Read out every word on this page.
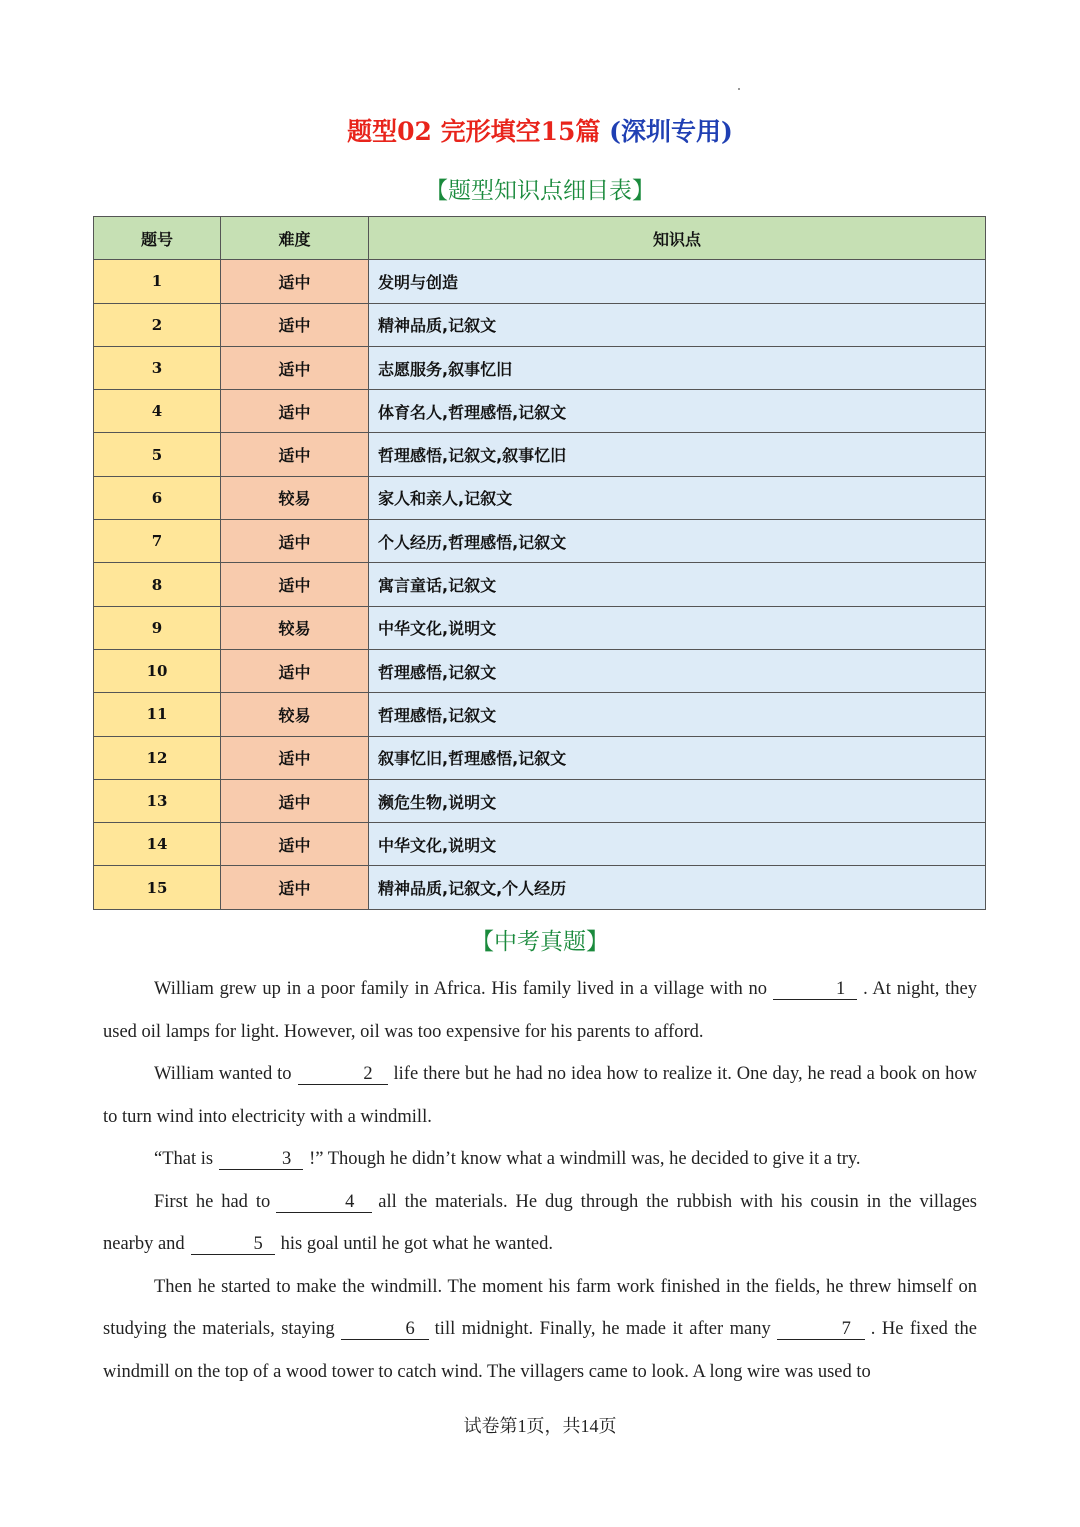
题型02 完形填空15篇 (深圳专用)
【题型知识点细目表】
题号	难度	知识点
1	适中	发明与创造
2	适中	精神品质,记叙文
3	适中	志愿服务,叙事忆旧
4	适中	体育名人,哲理感悟,记叙文
5	适中	哲理感悟,记叙文,叙事忆旧
6	较易	家人和亲人,记叙文
7	适中	个人经历,哲理感悟,记叙文
8	适中	寓言童话,记叙文
9	较易	中华文化,说明文
10	适中	哲理感悟,记叙文
11	较易	哲理感悟,记叙文
12	适中	叙事忆旧,哲理感悟,记叙文
13	适中	濒危生物,说明文
14	适中	中华文化,说明文
15	适中	精神品质,记叙文,个人经历
【中考真题】

William grew up in a poor family in Africa. His family lived in a village with no	1 . At night, they used oil lamps for light. However, oil was too expensive for his parents to afford.

William wanted to	2 life there but he had no idea how to realize it. One day, he read a book on how to turn wind into electricity with a windmill.

“That is	3 !” Though he didn’t know what a windmill was, he decided to give it a try.

First he had to	4 all the materials. He dug through the rubbish with his cousin in the villages nearby and	5 his goal until he got what he wanted.

Then he started to make the windmill. The moment his farm work finished in the fields, he threw himself on studying the materials, staying	6 till midnight. Finally, he made it after many	7 . He fixed the windmill on the top of a wood tower to catch wind. The villagers came to look. A long wire was used to

试卷第1页，共14页
